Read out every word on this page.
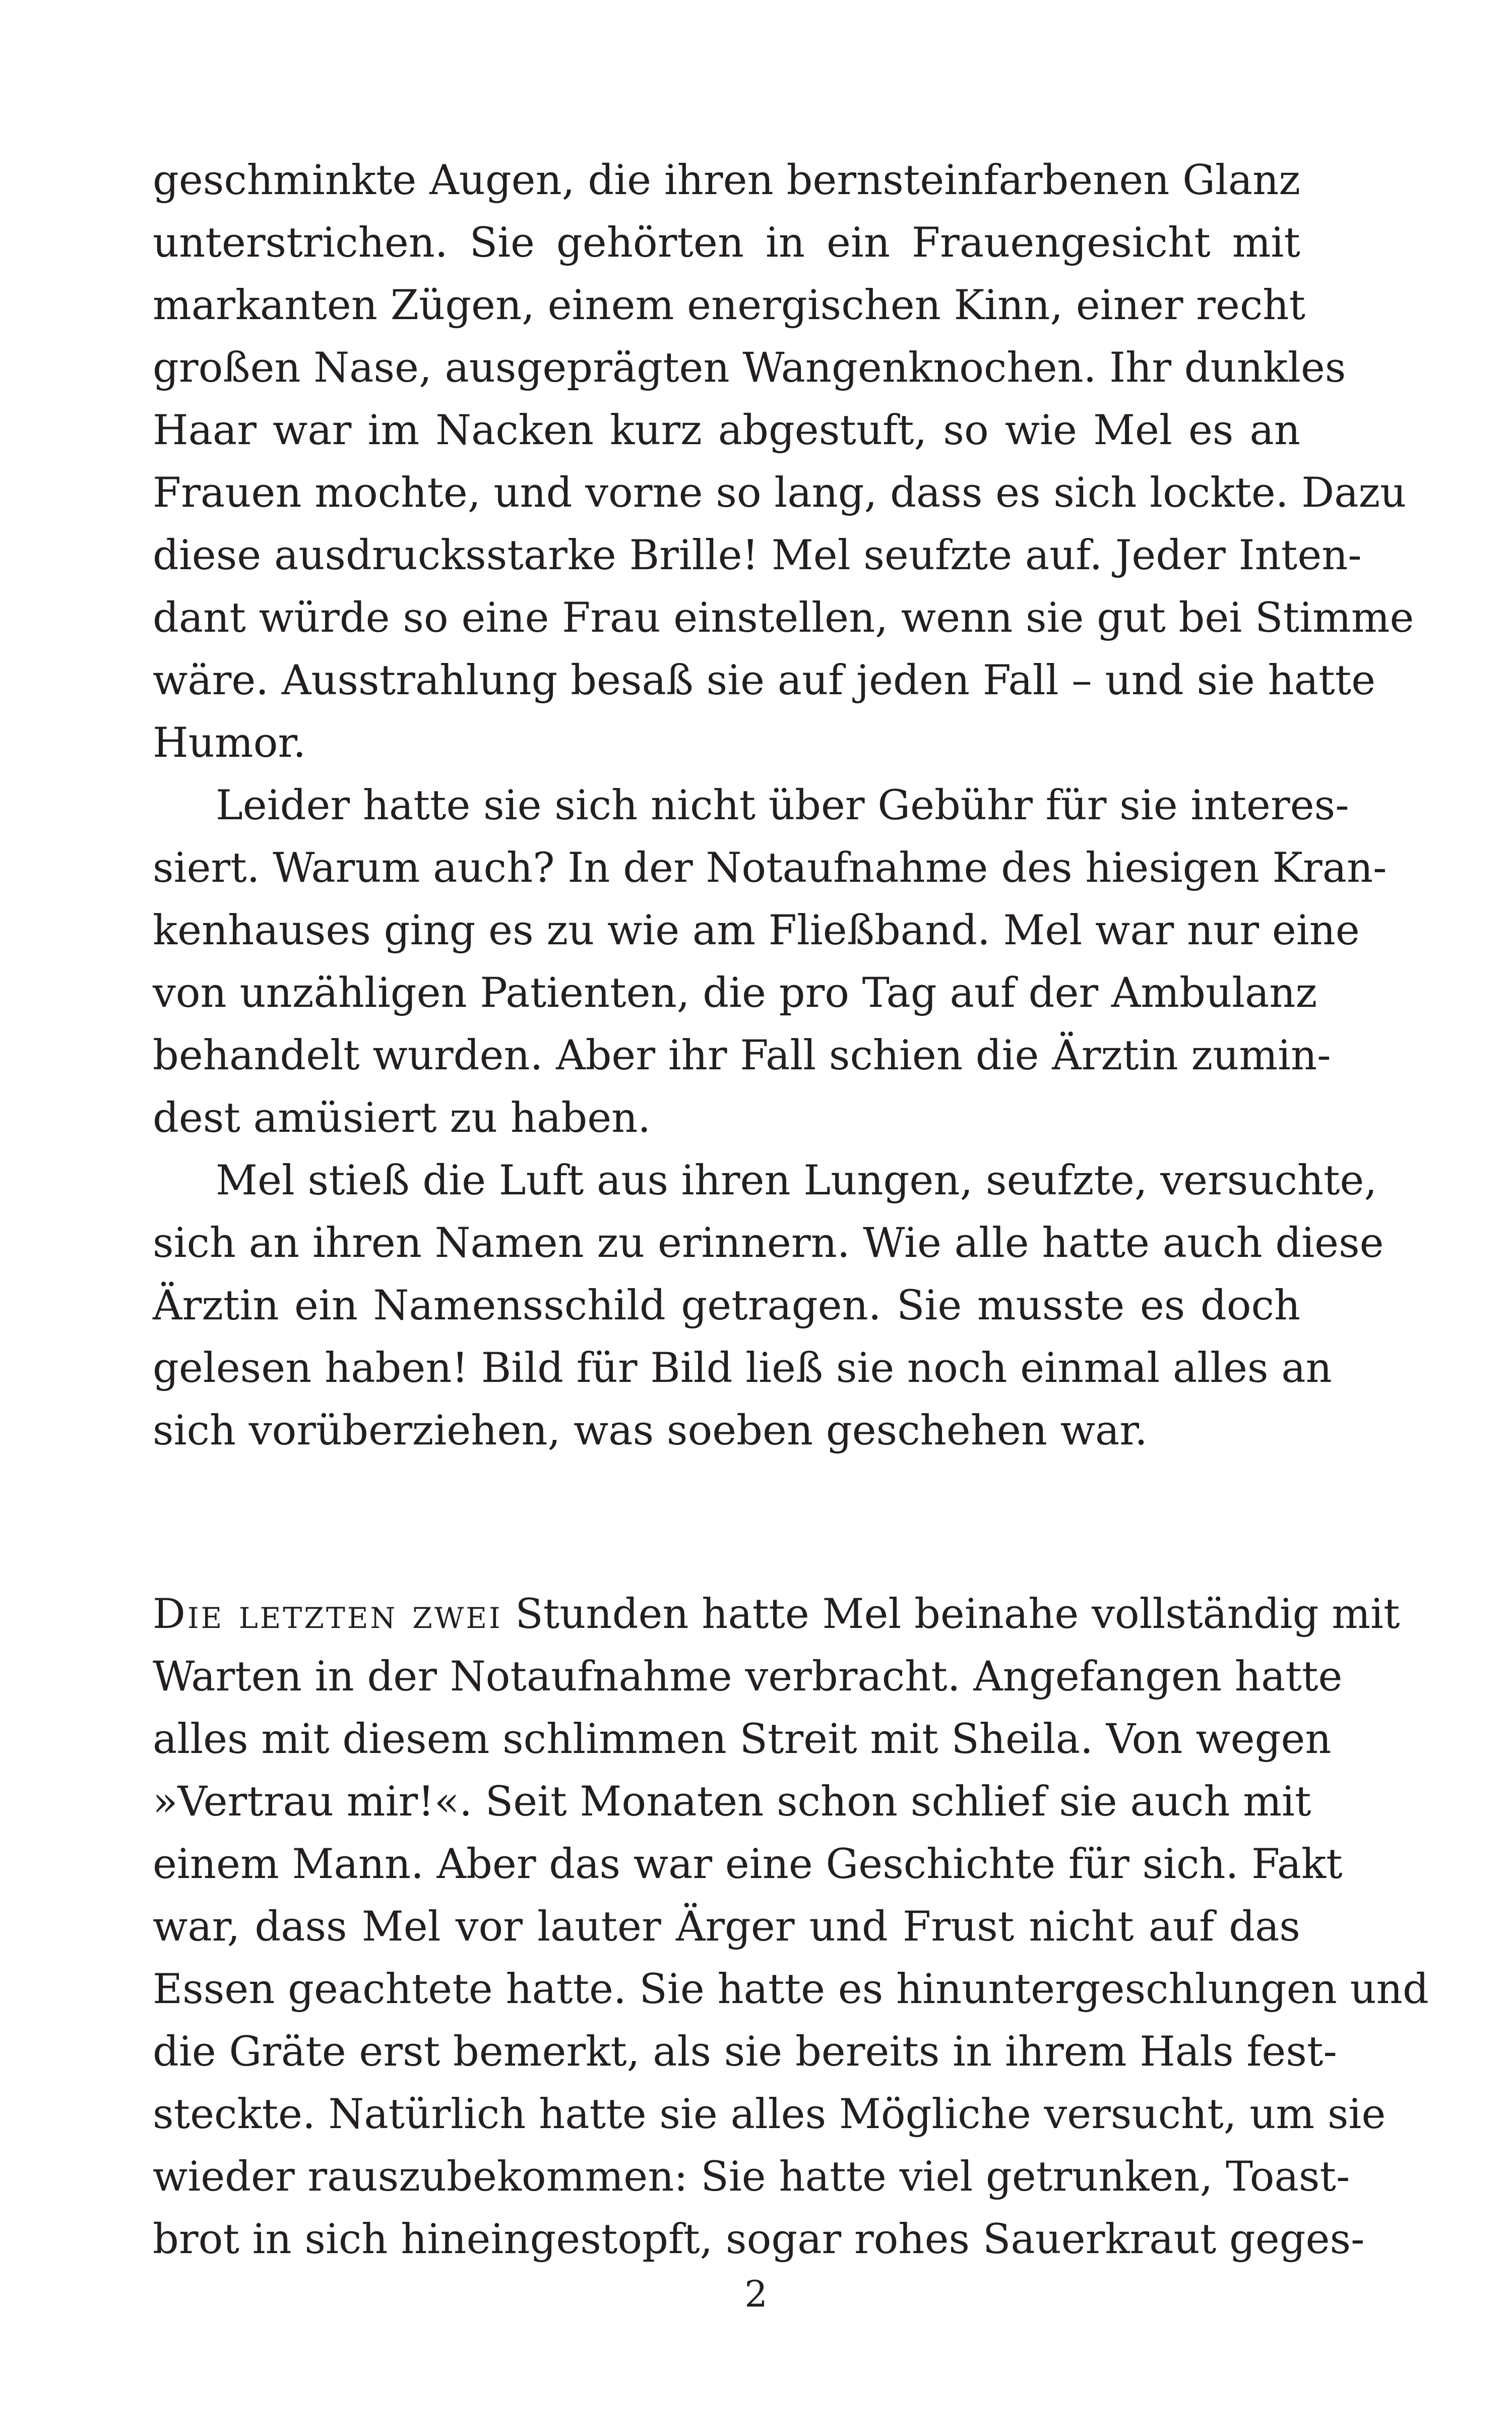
geschminkte Augen, die ihren bernsteinfarbenen Glanz
unterstrichen. Sie gehörten in ein Frauengesicht mit
markanten Zügen, einem energischen Kinn, einer recht
großen Nase, ausgeprägten Wangenknochen. Ihr dunkles
Haar war im Nacken kurz abgestuft, so wie Mel es an
Frauen mochte, und vorne so lang, dass es sich lockte. Dazu
diese ausdrucksstarke Brille! Mel seufzte auf. Jeder Inten-
dant würde so eine Frau einstellen, wenn sie gut bei Stimme
wäre. Ausstrahlung besaß sie auf jeden Fall – und sie hatte
Humor.
Leider hatte sie sich nicht über Gebühr für sie interes-
siert. Warum auch? In der Notaufnahme des hiesigen Kran-
kenhauses ging es zu wie am Fließband. Mel war nur eine
von unzähligen Patienten, die pro Tag auf der Ambulanz
behandelt wurden. Aber ihr Fall schien die Ärztin zumin-
dest amüsiert zu haben.
Mel stieß die Luft aus ihren Lungen, seufzte, versuchte,
sich an ihren Namen zu erinnern. Wie alle hatte auch diese
Ärztin ein Namensschild getragen. Sie musste es doch
gelesen haben! Bild für Bild ließ sie noch einmal alles an
sich vorüberziehen, was soeben geschehen war.
Die letzten zwei Stunden hatte Mel beinahe vollständig mit
Warten in der Notaufnahme verbracht. Angefangen hatte
alles mit diesem schlimmen Streit mit Sheila. Von wegen
»Vertrau mir!«. Seit Monaten schon schlief sie auch mit
einem Mann. Aber das war eine Geschichte für sich. Fakt
war, dass Mel vor lauter Ärger und Frust nicht auf das
Essen geachtete hatte. Sie hatte es hinuntergeschlungen und
die Gräte erst bemerkt, als sie bereits in ihrem Hals fest-
steckte. Natürlich hatte sie alles Mögliche versucht, um sie
wieder rauszubekommen: Sie hatte viel getrunken, Toast-
brot in sich hineingestopft, sogar rohes Sauerkraut geges-
2
